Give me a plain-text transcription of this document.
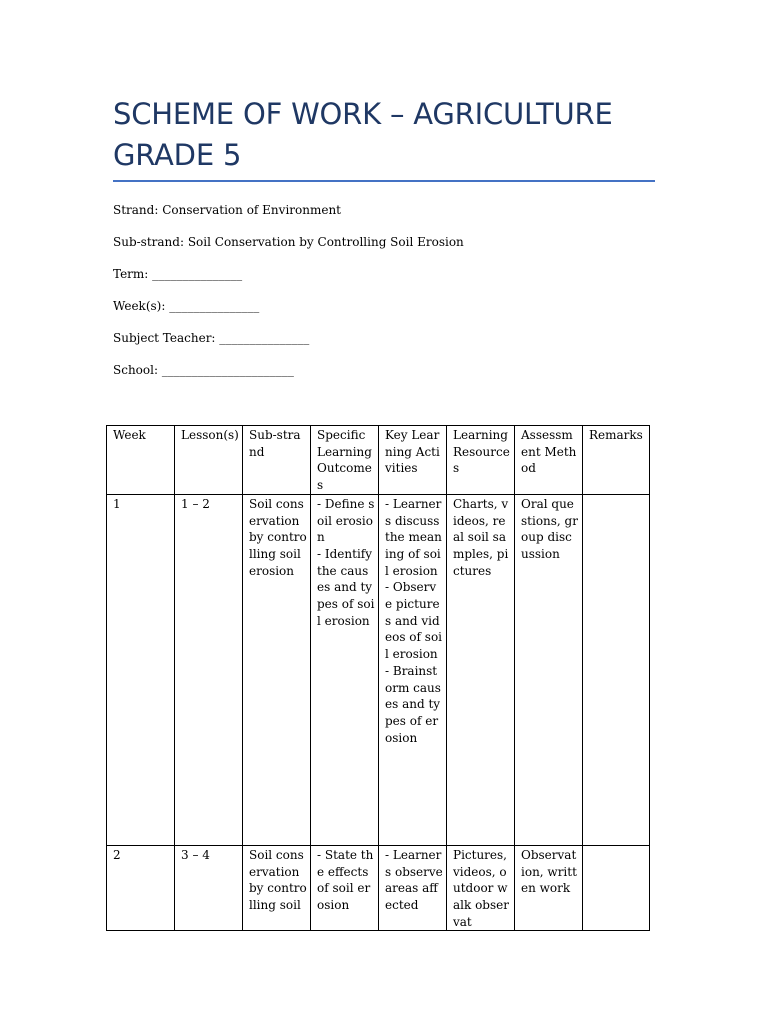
SCHEME OF WORK – AGRICULTURE
GRADE 5

Strand: Conservation of Environment

Sub-strand: Soil Conservation by Controlling Soil Erosion

Term: _______________

Week(s): _______________

Subject Teacher: _______________

School: ______________________

Week	Lesson(s)	Sub-strand	Specific Learning Outcomes	Key Learning Activities	Learning Resources	Assessment Method	Remarks
1	1 – 2	Soil conservation by controlling soil erosion	- Define soil erosion
- Identify the causes and types of soil erosion	- Learners discuss the meaning of soil erosion
- Observe pictures and videos of soil erosion
- Brainstorm causes and types of erosion	Charts, videos, real soil samples, pictures	Oral questions, group discussion	
2	3 – 4	Soil conservation by controlling soil	- State the effects of soil erosion	- Learners observe areas affected	Pictures, videos, outdoor walk observat	Observation, written work	
